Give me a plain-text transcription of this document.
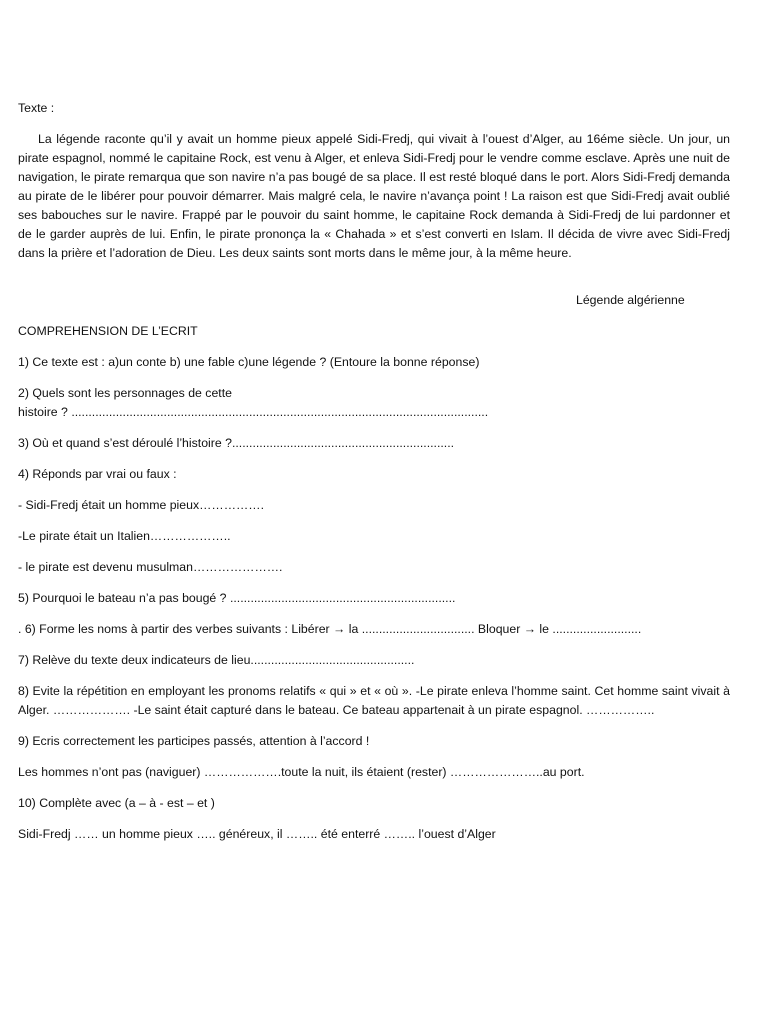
Texte :

La légende raconte qu’il y avait un homme pieux appelé Sidi-Fredj, qui vivait à l’ouest d’Alger, au 16éme siècle. Un jour, un pirate espagnol, nommé le capitaine Rock, est venu à Alger, et enleva Sidi-Fredj pour le vendre comme esclave. Après une nuit de navigation, le pirate remarqua que son navire n’a pas bougé de sa place. Il est resté bloqué dans le port. Alors Sidi-Fredj demanda au pirate de le libérer pour pouvoir démarrer. Mais malgré cela, le navire n’avança point ! La raison est que Sidi-Fredj avait oublié ses babouches sur le navire. Frappé par le pouvoir du saint homme, le capitaine Rock demanda à Sidi-Fredj de lui pardonner et de le garder auprès de lui. Enfin, le pirate prononça la « Chahada » et s’est converti en Islam. Il décida de vivre avec Sidi-Fredj dans la prière et l’adoration de Dieu. Les deux saints sont morts dans le même jour, à la même heure.

Légende algérienne

COMPREHENSION DE L’ECRIT

1) Ce texte est : a)un conte b) une fable c)une légende ? (Entoure la bonne réponse)

2) Quels sont les personnages de cette

histoire ? ..........................................................................................................................

3) Où et quand s’est déroulé l’histoire ?.................................................................

4) Réponds par vrai ou faux :

- Sidi-Fredj était un homme pieux…………….

-Le pirate était un Italien………………..

- le pirate est devenu musulman………………….

5) Pourquoi le bateau n’a pas bougé ? ..................................................................

. 6) Forme les noms à partir des verbes suivants : Libérer → la ................................. Bloquer → le ..........................

7) Relève du texte deux indicateurs de lieu................................................

8) Evite la répétition en employant les pronoms relatifs « qui » et « où ». -Le pirate enleva l’homme saint. Cet homme saint vivait à Alger. ………………. -Le saint était capturé dans le bateau. Ce bateau appartenait à un pirate espagnol. ……………..

9) Ecris correctement les participes passés, attention à l’accord !

Les hommes n’ont pas (naviguer) ……………….toute la nuit, ils étaient (rester) …………………..au port.

10) Complète avec (a – à - est – et )

Sidi-Fredj …… un homme pieux ….. généreux, il …….. été enterré …….. l’ouest d’Alger
